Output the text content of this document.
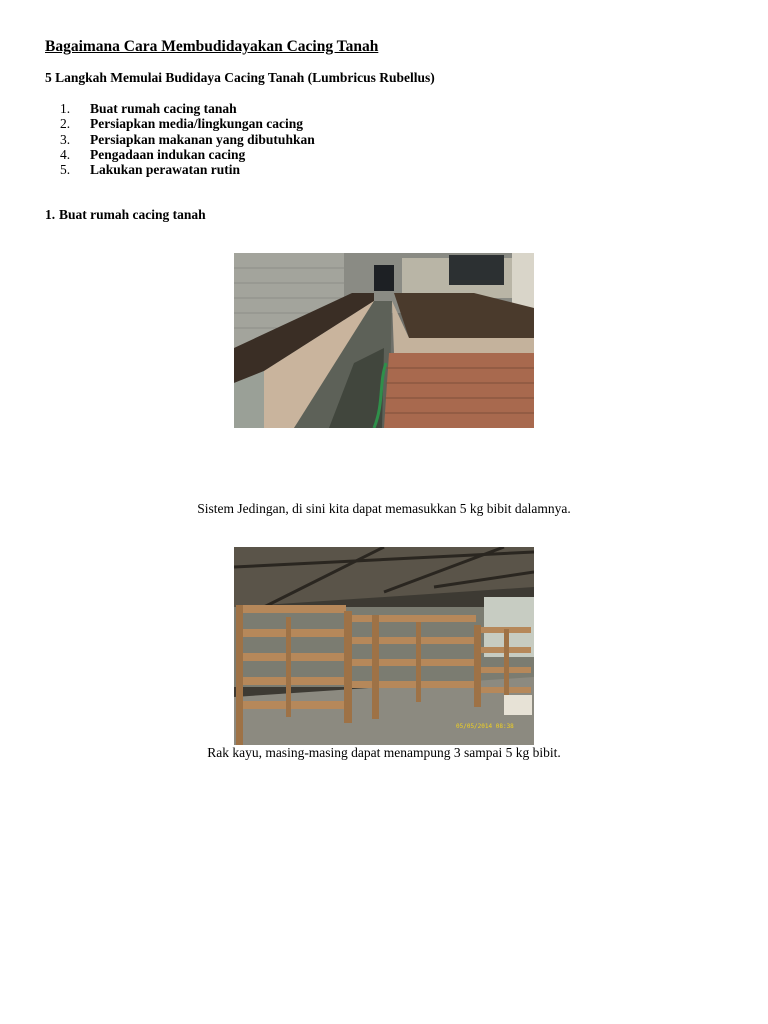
Bagaimana Cara Membudidayakan Cacing Tanah
5 Langkah Memulai Budidaya Cacing Tanah (Lumbricus Rubellus)
1. Buat rumah cacing tanah
2. Persiapkan media/lingkungan cacing
3. Persiapkan makanan yang dibutuhkan
4. Pengadaan indukan cacing
5. Lakukan perawatan rutin
1. Buat rumah cacing tanah
Sistem Jedingan, di sini kita dapat memasukkan 5 kg bibit dalamnya.
05/05/2014 08:38
Rak kayu, masing-masing dapat menampung 3 sampai 5 kg bibit.
